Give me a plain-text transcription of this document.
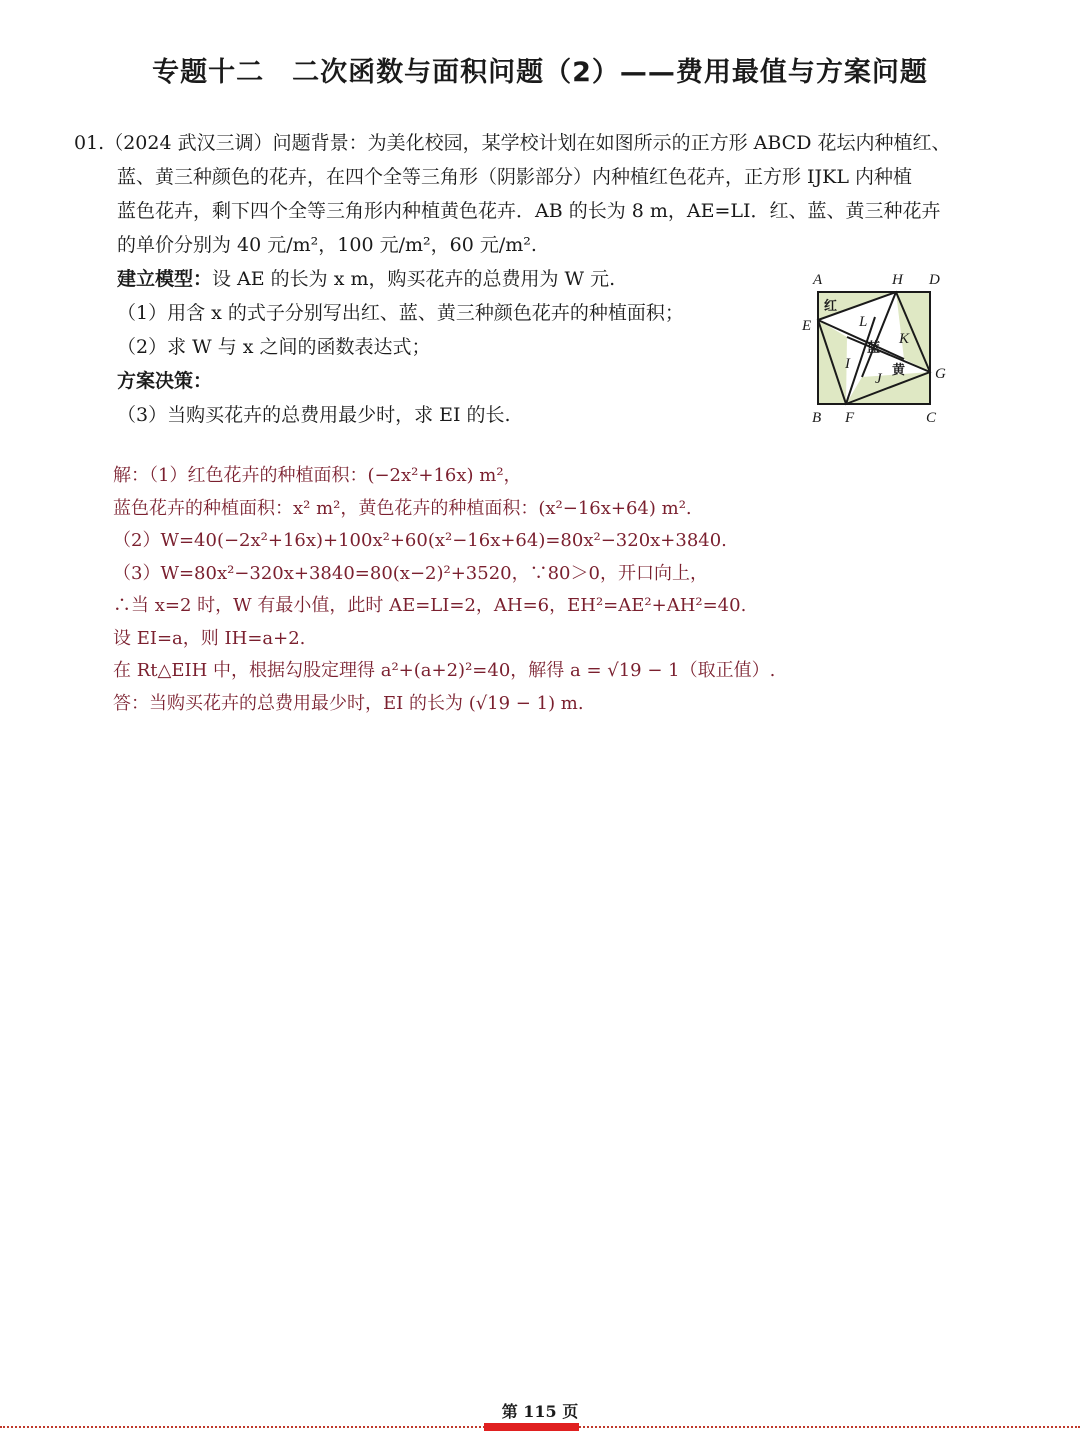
专题十二　二次函数与面积问题（2）——费用最值与方案问题
01.（2024 武汉三调）问题背景：为美化校园，某学校计划在如图所示的正方形 ABCD 花坛内种植红、
蓝、黄三种颜色的花卉，在四个全等三角形（阴影部分）内种植红色花卉，正方形 IJKL 内种植
蓝色花卉，剩下四个全等三角形内种植黄色花卉．AB 的长为 8 m，AE=LI．红、蓝、黄三种花卉
的单价分别为 40 元/m²，100 元/m²，60 元/m².
建立模型：设 AE 的长为 x m，购买花卉的总费用为 W 元.
（1）用含 x 的式子分别写出红、蓝、黄三种颜色花卉的种植面积；
（2）求 W 与 x 之间的函数表达式；
方案决策：
（3）当购买花卉的总费用最少时，求 EI 的长.
A	H D
E
G
B F	C
L
K
I
J
红
蓝
黄
解：（1）红色花卉的种植面积：(−2x²+16x) m²，
蓝色花卉的种植面积：x² m²，黄色花卉的种植面积：(x²−16x+64) m².
（2）W=40(−2x²+16x)+100x²+60(x²−16x+64)=80x²−320x+3840.
（3）W=80x²−320x+3840=80(x−2)²+3520，∵80＞0，开口向上，
∴当 x=2 时，W 有最小值，此时 AE=LI=2，AH=6，EH²=AE²+AH²=40.
设 EI=a，则 IH=a+2.
在 Rt△EIH 中，根据勾股定理得 a²+(a+2)²=40，解得 a = √19 − 1（取正值）.
答：当购买花卉的总费用最少时，EI 的长为 (√19 − 1) m.
第 115 页
